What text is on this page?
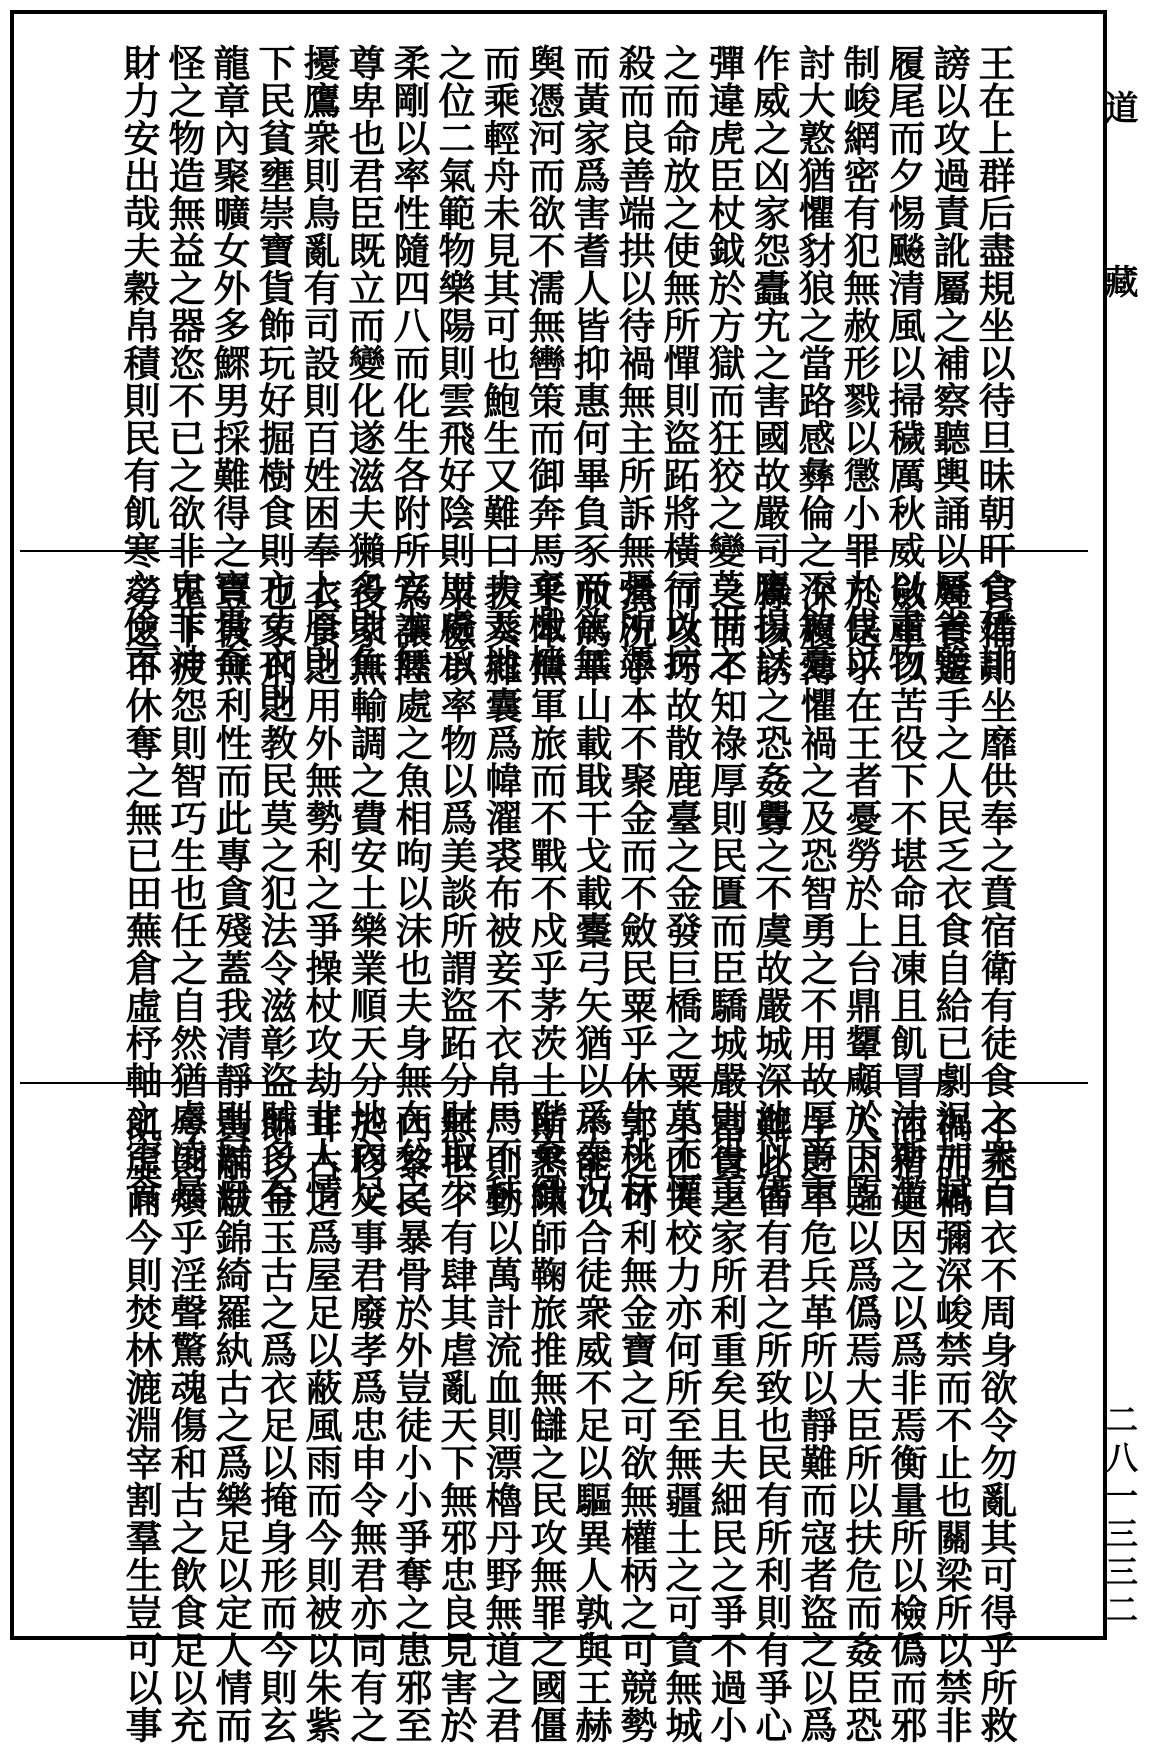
道藏
二八一三三二
王在上群后盡規坐以待旦昧朝旰食延誹
謗以攻過責訛屬之補察聽輿誦以屬省鑒
履尾而夕惕飈清風以掃穢厲秋威以肅物
制峻網密有犯無赦形戮以懲小罪九伐以
討大憝猶懼豺狼之當路感彝倫之不敘憂
作威之凶家怨蠹宄之害國故嚴司鷹揚以
彈違虎臣杖鉞於方獄而狂狡之變莫世之
之而命放之使無所憚則盜跖將橫行以掠
殺而良善端拱以待禍無主所訴無彊所憑
而黃家爲害耆人皆抑惠何畢負豕而欲無
舆憑河而欲不濡無轡策而御奔馬棄檝檣
而乘輕舟未見其可也鮑生又難曰夫天地
之位二氣範物樂陽則雲飛好陰則川處承
柔剛以率性隨四八而化生各附所安本無
尊卑也君臣既立而變化遂滋夫獺多則魚
擾鷹衆則鳥亂有司設則百姓困奉上厚則
下民貧壅崇寶貨飾玩好掘樹食則方丈衣則
龍章內聚曠女外多鰥男採難得之寶貴奇
怪之物造無益之器恣不已之欲非鬼非神
財力安出哉夫穀帛積則民有飢寒之儉百
官備則坐靡供奉之賁宿衛有徒食之衆百
姓養遊手之人民乏衣食自給已劇況加賦
斂重以苦役下不堪命且凍且飢冒法斯濫
於是乎在王者憂勞於上台鼎顰顑於下臨
深履薄懼禍之及恐智勇之不用故厚爵重
祿以誘之恐姦釁之不虞故嚴城深池以備
之而不知祿厚則民匱而臣驕城嚴則役重
而攻巧故散鹿臺之金發巨橋之粟莫不懽
然況乎本不聚金而不斂民粟乎休牛桃林
放馬華山載戢干戈載櫜弓矢猶以爲泰況
乎本無軍旅而不戰不戍乎茅茨土階棄織
拔葵雜囊爲幃濯裘布被妾不衣帛馬不秣
粟儉以率物以爲美談所謂盜跖分財取少
爲讓陸處之魚相呴以沫也夫身無在公之
役家無輸調之費安土樂業順天分地內足
衣食之用外無勢利之爭操杖攻劫非人情
也象刑之教民莫之犯法令滋彰盜賊多有
豈彼無利性而此專貪殘蓋我清靜則民自
正下疲怨則智巧生也任之自然猶慮凌暴
勞之不休奪之無已田蕪倉虛杼軸之空食
不充口衣不周身欲令勿亂其可得乎所救
禍而禍彌深峻禁而不止也關梁所以禁非
而猾吏因之以爲非焉衡量所以檢僞而邪
人因之以爲僞焉大臣所以扶危而姦臣恐
主之不危兵革所以靜難而寇者盜之以爲
難此皆有君之所致也民有所利則有爭心
富貴之家所利重矣且夫細民之爭不過小
小匹夫校力亦何所至無疆土之可貪無城
郭之可利無金寶之可欲無權柄之可競勢
不能以合徒衆威不足以驅異人孰與王赫
斯怒陳師鞠旅推無讎之民攻無罪之國僵
尸則動以萬計流血則漂櫓丹野無道之君
無世不有肆其虐亂天下無邪忠良見害於
內黎民暴骨於外豈徒小小爭奪之患邪至
於移父事君廢孝爲忠申令無君亦同有之
耳古之爲屋足以蔽風雨而今則被以朱紫
飾以金玉古之爲衣足以掩身形而今則玄
黃黼黻錦綺羅紈古之爲樂足以定人情而
今則煩乎淫聲驚魂傷和古之飲食足以充
飢虛而今則焚林漉淵宰割羣生豈可以事
